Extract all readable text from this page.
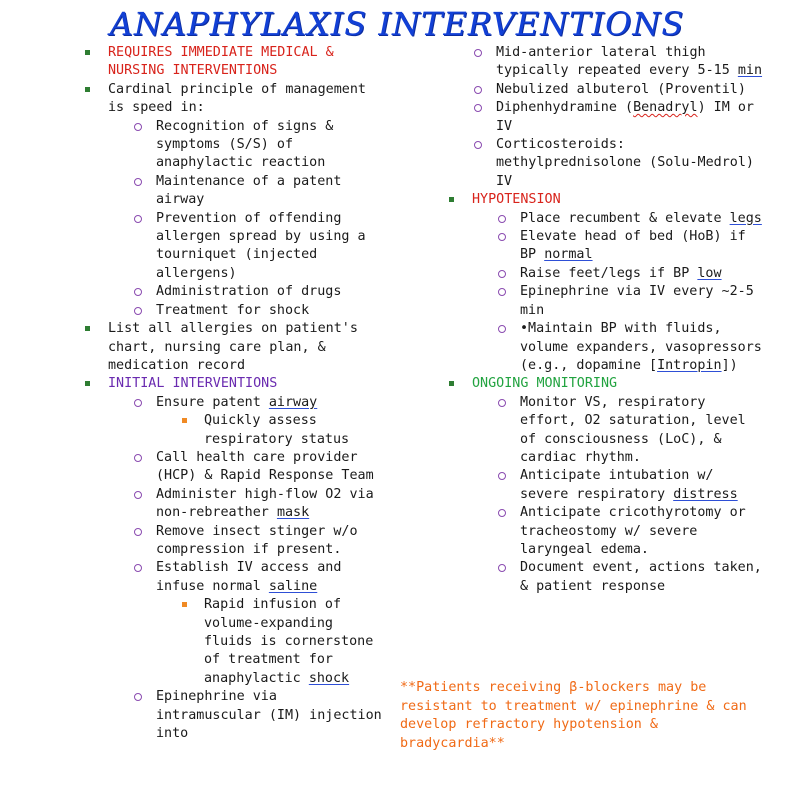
ANAPHYLAXIS INTERVENTIONS
REQUIRES IMMEDIATE MEDICAL & NURSING INTERVENTIONS
Cardinal principle of management is speed in:
Recognition of signs & symptoms (S/S) of anaphylactic reaction
Maintenance of a patent airway
Prevention of offending allergen spread by using a tourniquet (injected allergens)
Administration of drugs
Treatment for shock
List all allergies on patient's chart, nursing care plan, & medication record
INITIAL INTERVENTIONS
Ensure patent airway
Quickly assess respiratory status
Call health care provider (HCP) & Rapid Response Team
Administer high-flow O2 via non-rebreather mask
Remove insect stinger w/o compression if present.
Establish IV access and infuse normal saline
Rapid infusion of volume-expanding fluids is cornerstone of treatment for anaphylactic shock
Epinephrine via intramuscular (IM) injection into
Mid-anterior lateral thigh typically repeated every 5-15 min
Nebulized albuterol (Proventil)
Diphenhydramine (Benadryl) IM or IV
Corticosteroids: methylprednisolone (Solu-Medrol) IV
HYPOTENSION
Place recumbent & elevate legs
Elevate head of bed (HoB) if BP normal
Raise feet/legs if BP low
Epinephrine via IV every ~2-5 min
•Maintain BP with fluids, volume expanders, vasopressors (e.g., dopamine [Intropin])
ONGOING MONITORING
Monitor VS, respiratory effort, O2 saturation, level of consciousness (LoC), & cardiac rhythm.
Anticipate intubation w/ severe respiratory distress
Anticipate cricothyrotomy or tracheostomy w/ severe laryngeal edema.
Document event, actions taken, & patient response
**Patients receiving β-blockers may be resistant to treatment w/ epinephrine & can develop refractory hypotension & bradycardia**
